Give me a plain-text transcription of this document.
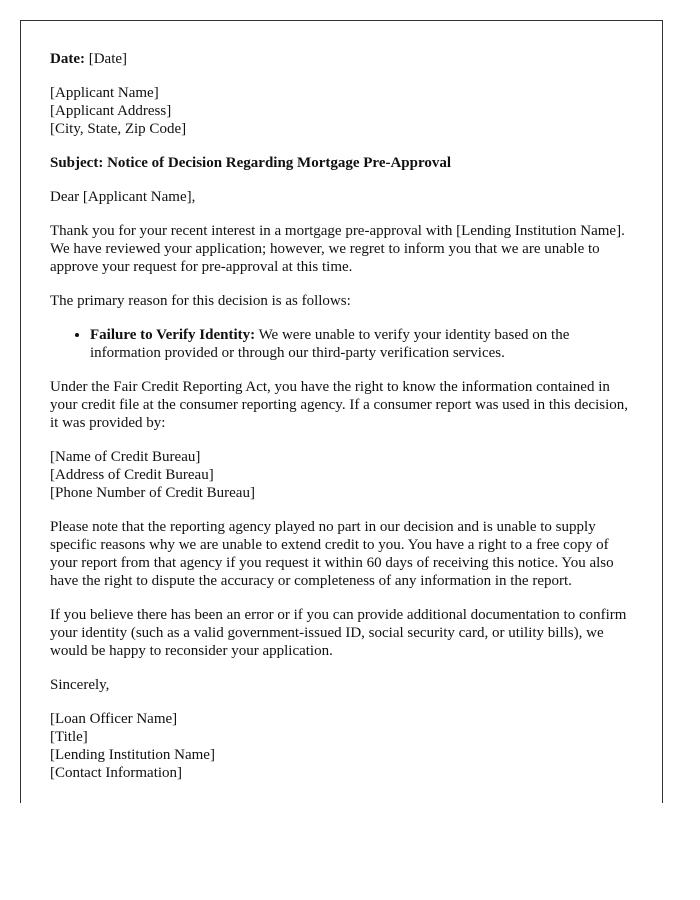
Date: [Date]

[Applicant Name]
[Applicant Address]
[City, State, Zip Code]

Subject: Notice of Decision Regarding Mortgage Pre-Approval

Dear [Applicant Name],

Thank you for your recent interest in a mortgage pre-approval with [Lending Institution Name]. We have reviewed your application; however, we regret to inform you that we are unable to approve your request for pre-approval at this time.

The primary reason for this decision is as follows:

• Failure to Verify Identity: We were unable to verify your identity based on the information provided or through our third-party verification services.

Under the Fair Credit Reporting Act, you have the right to know the information contained in your credit file at the consumer reporting agency. If a consumer report was used in this decision, it was provided by:

[Name of Credit Bureau]
[Address of Credit Bureau]
[Phone Number of Credit Bureau]

Please note that the reporting agency played no part in our decision and is unable to supply specific reasons why we are unable to extend credit to you. You have a right to a free copy of your report from that agency if you request it within 60 days of receiving this notice. You also have the right to dispute the accuracy or completeness of any information in the report.

If you believe there has been an error or if you can provide additional documentation to confirm your identity (such as a valid government-issued ID, social security card, or utility bills), we would be happy to reconsider your application.

Sincerely,

[Loan Officer Name]
[Title]
[Lending Institution Name]
[Contact Information]
